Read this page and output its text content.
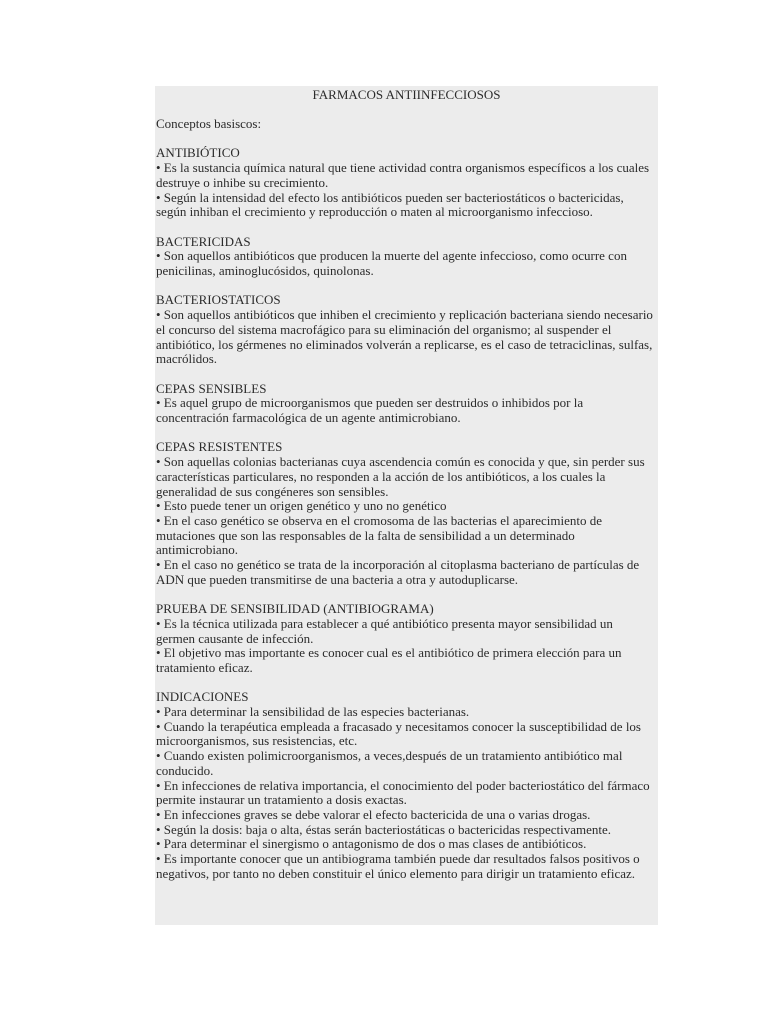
FARMACOS ANTIINFECCIOSOS

Conceptos basiscos:

ANTIBIÓTICO
• Es la sustancia química natural que tiene actividad contra organismos específicos a los cuales destruye o inhibe su crecimiento.
• Según la intensidad del efecto los antibióticos pueden ser bacteriostáticos o bactericidas, según inhiban el crecimiento y reproducción o maten al microorganismo infeccioso.
BACTERICIDAS
• Son aquellos antibióticos que producen la muerte del agente infeccioso, como ocurre con penicilinas, aminoglucósidos, quinolonas.
BACTERIOSTATICOS
• Son aquellos antibióticos que inhiben el crecimiento y replicación bacteriana siendo necesario el concurso del sistema macrofágico para su eliminación del organismo; al suspender el antibiótico, los gérmenes no eliminados volverán a replicarse, es el caso de tetraciclinas, sulfas, macrólidos.
CEPAS SENSIBLES
• Es aquel grupo de microorganismos que pueden ser destruidos o inhibidos por la concentración farmacológica de un agente antimicrobiano.
CEPAS RESISTENTES
• Son aquellas colonias bacterianas cuya ascendencia común es conocida y que, sin perder sus características particulares, no responden a la acción de los antibióticos, a los cuales la generalidad de sus congéneres son sensibles.
• Esto puede tener un origen genético y uno no genético
• En el caso genético se observa en el cromosoma de las bacterias el aparecimiento de mutaciones que son las responsables de la falta de sensibilidad a un determinado antimicrobiano.
• En el caso no genético se trata de la incorporación al citoplasma bacteriano de partículas de ADN que pueden transmitirse de una bacteria a otra y autoduplicarse.
PRUEBA DE SENSIBILIDAD (ANTIBIOGRAMA)
• Es la técnica utilizada para establecer a qué antibiótico presenta mayor sensibilidad un germen causante de infección.
• El objetivo mas importante es conocer cual es el antibiótico de primera elección para un tratamiento eficaz.
INDICACIONES
• Para determinar la sensibilidad de las especies bacterianas.
• Cuando la terapéutica empleada a fracasado y necesitamos conocer la susceptibilidad de los microorganismos, sus resistencias, etc.
• Cuando existen polimicroorganismos, a veces,después de un tratamiento antibiótico mal conducido.
• En infecciones de relativa importancia, el conocimiento del poder bacteriostático del fármaco permite instaurar un tratamiento a dosis exactas.
• En infecciones graves se debe valorar el efecto bactericida de una o varias drogas.
• Según la dosis: baja o alta, éstas serán bacteriostáticas o bactericidas respectivamente.
• Para determinar el sinergismo o antagonismo de dos o mas clases de antibióticos.
• Es importante conocer que un antibiograma también puede dar resultados falsos positivos o negativos, por tanto no deben constituir el único elemento para dirigir un tratamiento eficaz.
